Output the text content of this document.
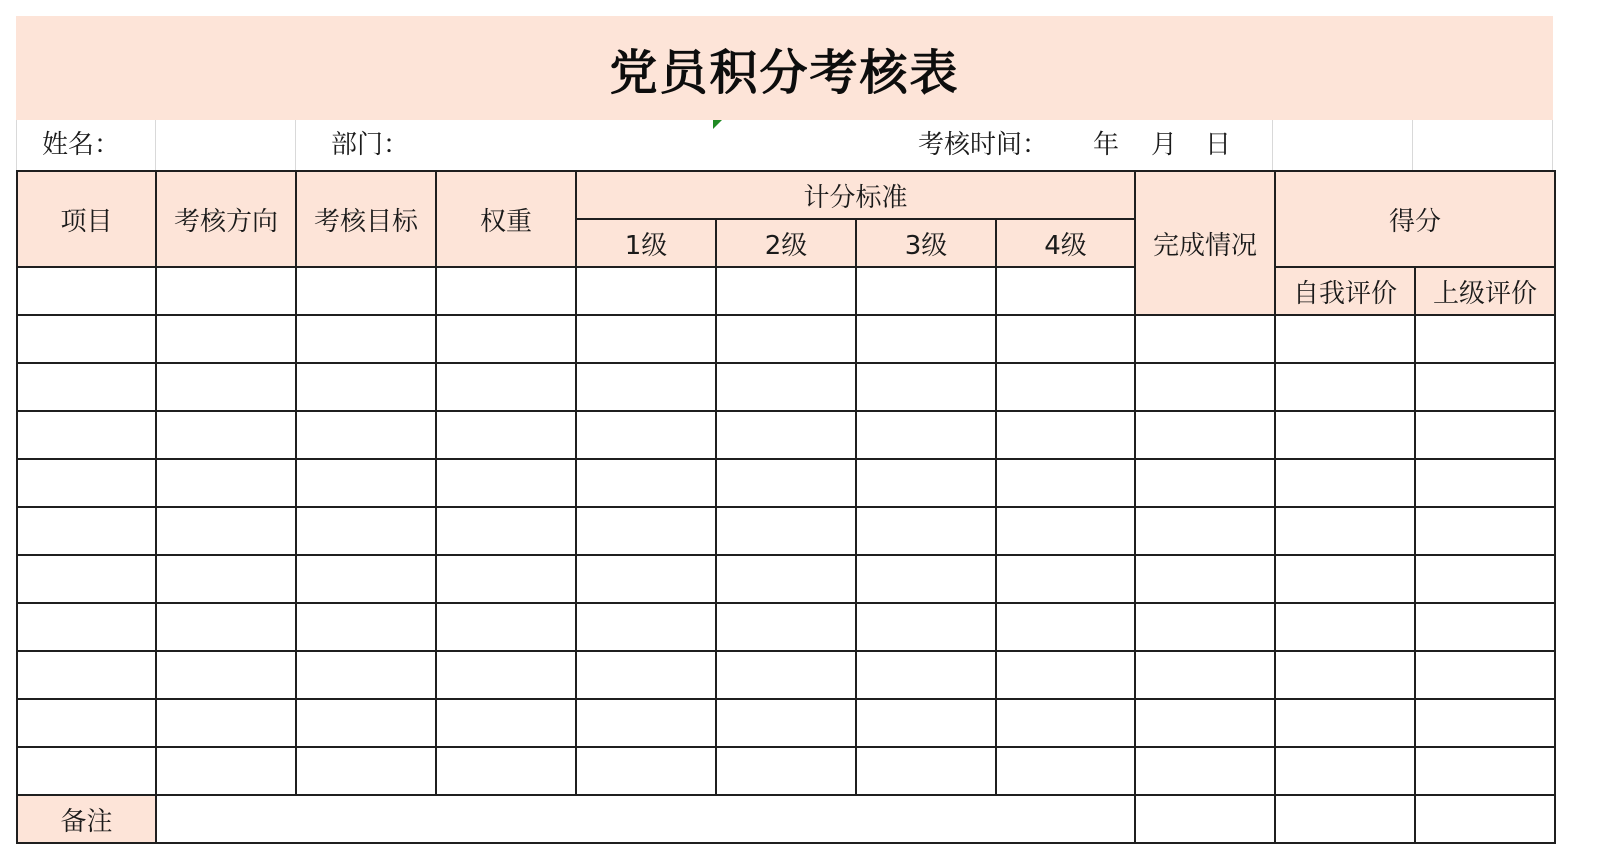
党员积分考核表
姓名：	部门：	考核时间： 年 月 日
项目	考核方向	考核目标	权重	计分标准				完成情况	得分	
				1级	2级	3级	4级			
									自我评价	上级评价

备注										
